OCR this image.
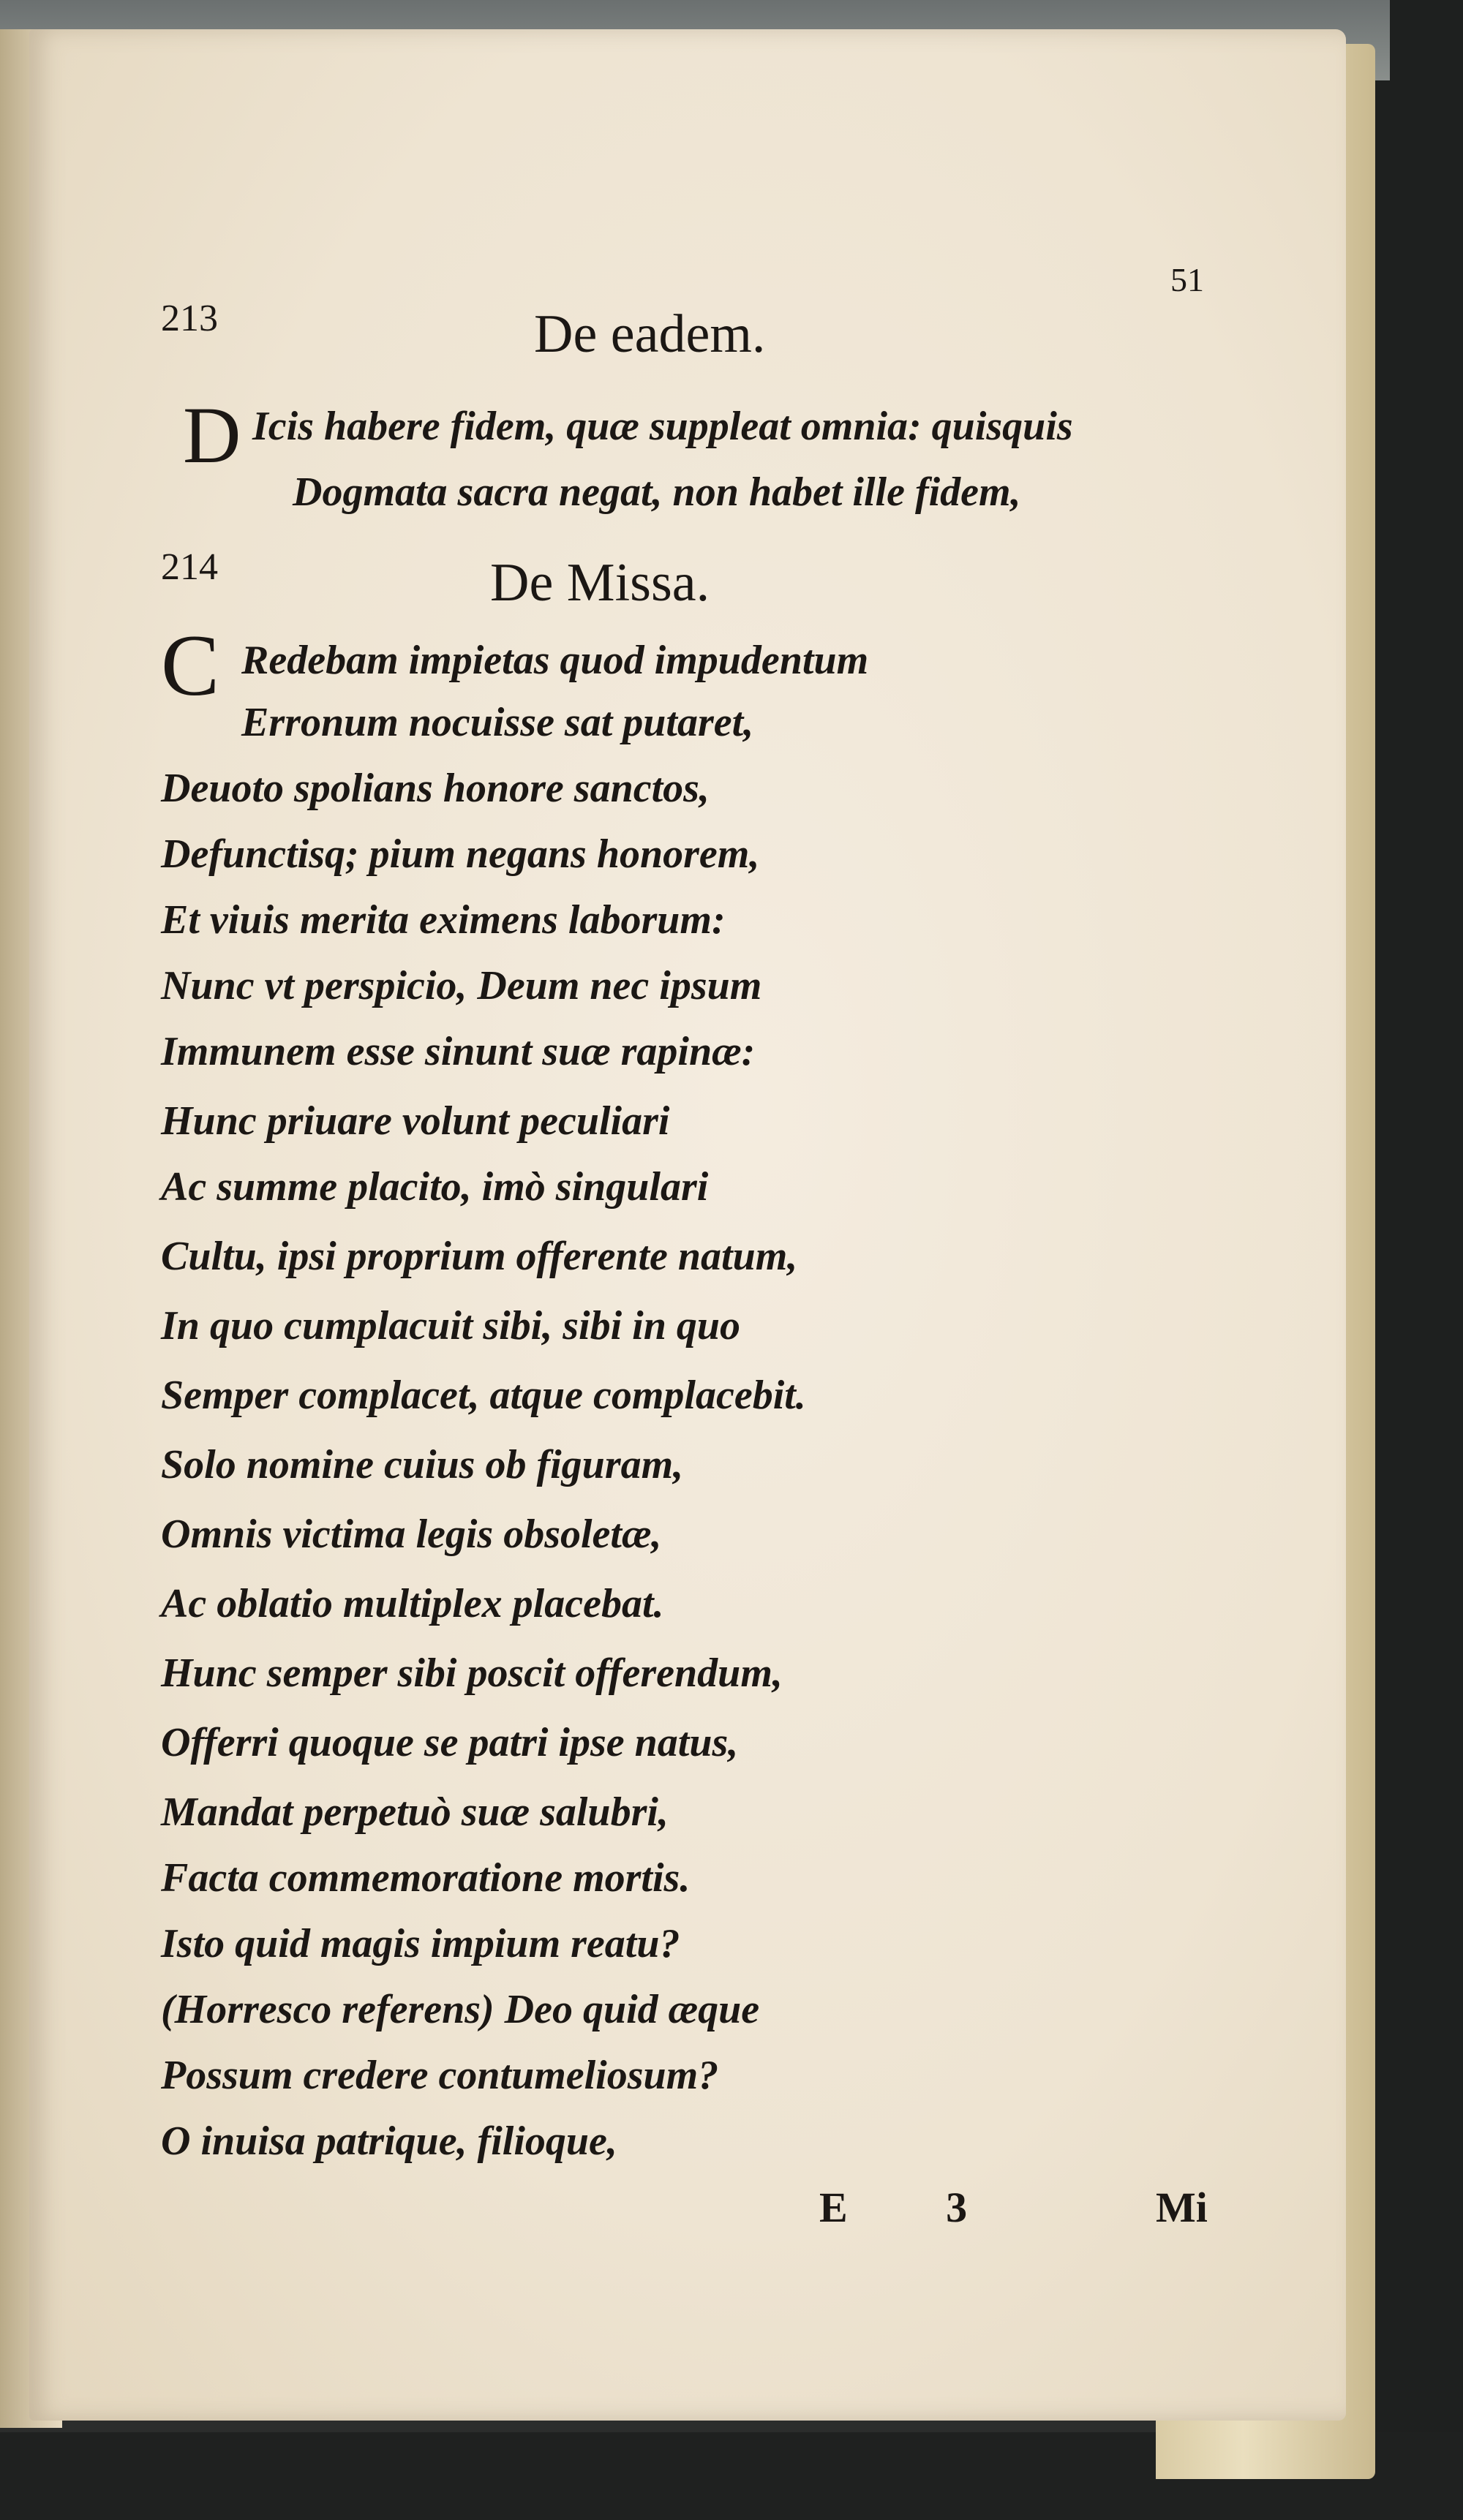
51
213	De eadem.
D Icis habere fidem, quæ suppleat omnia: quisquis
Dogmata sacra negat, non habet ille fidem,
214	De Missa.
C Redebam impietas quod impudentum
Erronum nocuisse sat putaret,
Deuoto spolians honore sanctos,
Defunctisq; pium negans honorem,
Et viuis merita eximens laborum:
Nunc vt perspicio, Deum nec ipsum
Immunem esse sinunt suæ rapinæ:
Hunc priuare volunt peculiari
Ac summe placito, imò singulari
Cultu, ipsi proprium offerente natum,
In quo cumplacuit sibi, sibi in quo
Semper complacet, atque complacebit.
Solo nomine cuius ob figuram,
Omnis victima legis obsoletæ,
Ac oblatio multiplex placebat.
Hunc semper sibi poscit offerendum,
Offerri quoque se patri ipse natus,
Mandat perpetuò suæ salubri,
Facta commemoratione mortis.
Isto quid magis impium reatu?
(Horresco referens) Deo quid æque
Possum credere contumeliosum?
O inuisa patrique, filioque,
E 3	Mi
